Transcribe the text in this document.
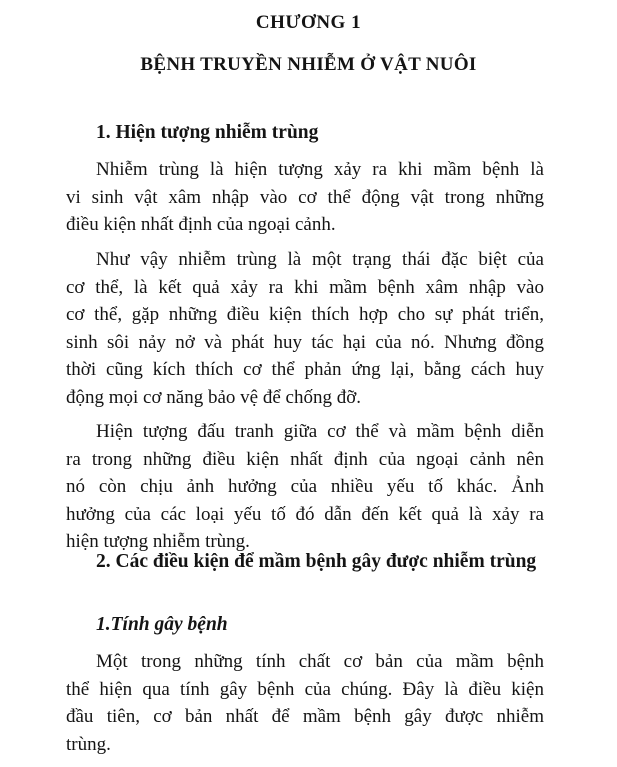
CHƯƠNG 1
BỆNH TRUYỀN NHIỄM Ở VẬT NUÔI
1. Hiện tượng nhiễm trùng
Nhiễm trùng là hiện tượng xảy ra khi mầm bệnh là
vi sinh vật xâm nhập vào cơ thể động vật trong những
điều kiện nhất định của ngoại cảnh.
Như vậy nhiễm trùng là một trạng thái đặc biệt của
cơ thể, là kết quả xảy ra khi mầm bệnh xâm nhập vào
cơ thể, gặp những điều kiện thích hợp cho sự phát triển,
sinh sôi nảy nở và phát huy tác hại của nó. Nhưng đồng
thời cũng kích thích cơ thể phản ứng lại, bằng cách huy
động mọi cơ năng bảo vệ để chống đỡ.
Hiện tượng đấu tranh giữa cơ thể và mầm bệnh diễn
ra trong những điều kiện nhất định của ngoại cảnh nên
nó còn chịu ảnh hưởng của nhiều yếu tố khác. Ảnh
hưởng của các loại yếu tố đó dẫn đến kết quả là xảy ra
hiện tượng nhiễm trùng.
2. Các điều kiện để mầm bệnh gây được nhiễm trùng
1.Tính gây bệnh
Một trong những tính chất cơ bản của mầm bệnh
thể hiện qua tính gây bệnh của chúng. Đây là điều kiện
đầu tiên, cơ bản nhất để mầm bệnh gây được nhiễm
trùng.
